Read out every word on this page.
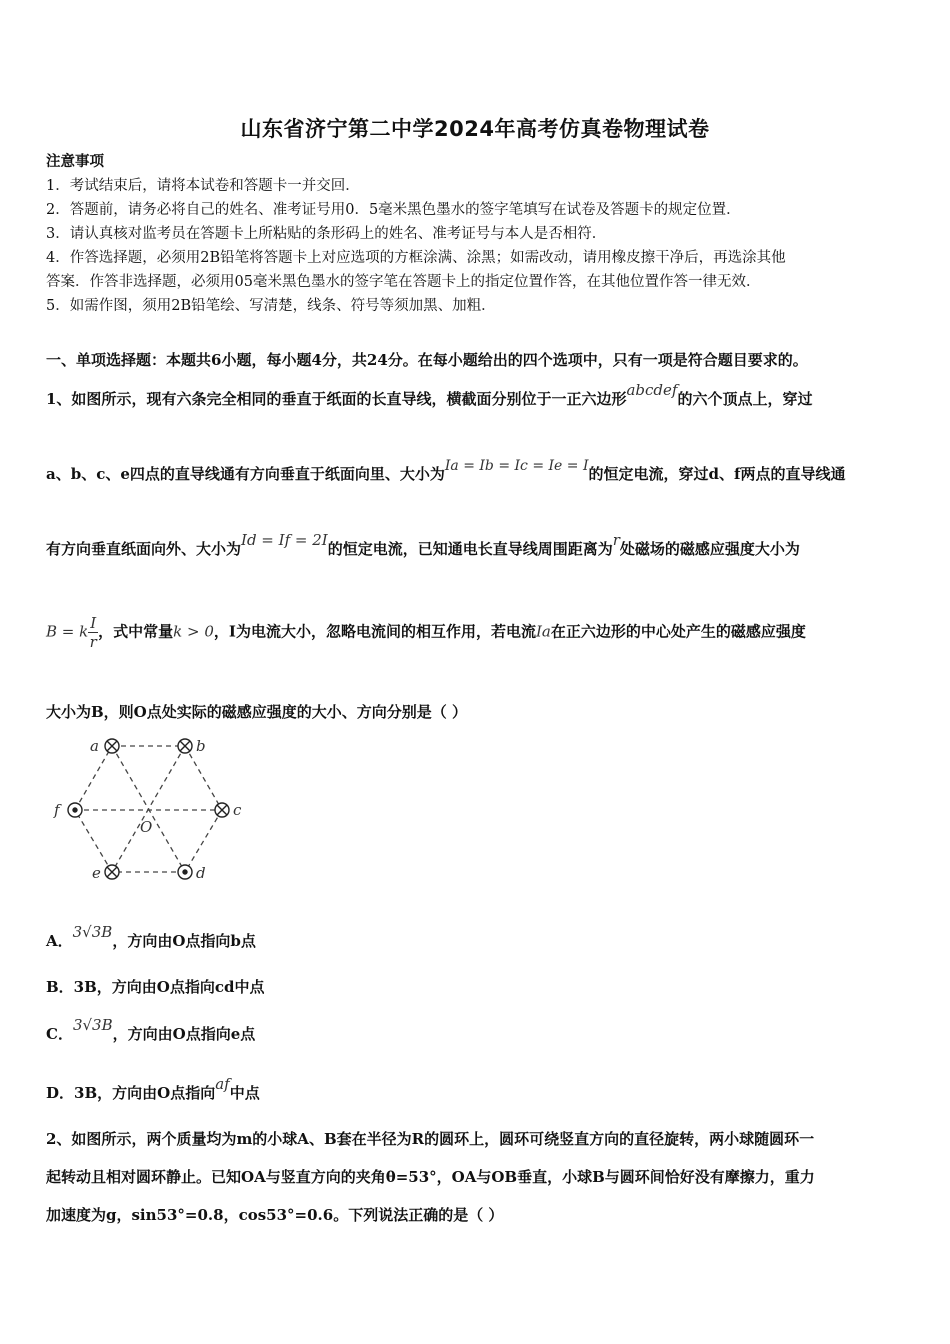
山东省济宁第二中学2024年高考仿真卷物理试卷
注意事项

1．考试结束后，请将本试卷和答题卡一并交回．

2．答题前，请务必将自己的姓名、准考证号用0．5毫米黑色墨水的签字笔填写在试卷及答题卡的规定位置．

3．请认真核对监考员在答题卡上所粘贴的条形码上的姓名、准考证号与本人是否相符．

4．作答选择题，必须用2B铅笔将答题卡上对应选项的方框涂满、涂黑；如需改动，请用橡皮擦干净后，再选涂其他

答案．作答非选择题，必须用05毫米黑色墨水的签字笔在答题卡上的指定位置作答，在其他位置作答一律无效．

5．如需作图，须用2B铅笔绘、写清楚，线条、符号等须加黑、加粗．

一、单项选择题：本题共6小题，每小题4分，共24分。在每小题给出的四个选项中，只有一项是符合题目要求的。
1、如图所示，现有六条完全相同的垂直于纸面的长直导线，横截面分别位于一正六边形abcdef的六个顶点上，穿过
a、b、c、e四点的直导线通有方向垂直于纸面向里、大小为Ia = Ib = Ic = Ie = I的恒定电流，穿过d、f两点的直导线通
有方向垂直纸面向外、大小为Id = If = 2I的恒定电流，已知通电长直导线周围距离为r处磁场的磁感应强度大小为
B = k $\frac{I}{r}$ ，式中常量k > 0，I为电流大小，忽略电流间的相互作用，若电流Ia在正六边形的中心处产生的磁感应强度
大小为B，则O点处实际的磁感应强度的大小、方向分别是（ ）
a	b
c
d
e
f
O
A．3√3B，方向由O点指向b点
B．3B，方向由O点指向cd中点
C．3√3B，方向由O点指向e点
D．3B，方向由O点指向af中点

2、如图所示，两个质量均为m的小球A、B套在半径为R的圆环上，圆环可绕竖直方向的直径旋转，两小球随圆环一

起转动且相对圆环静止。已知OA与竖直方向的夹角θ=53°，OA与OB垂直，小球B与圆环间恰好没有摩擦力，重力

加速度为g，sin53°=0.8，cos53°=0.6。下列说法正确的是（ ）
